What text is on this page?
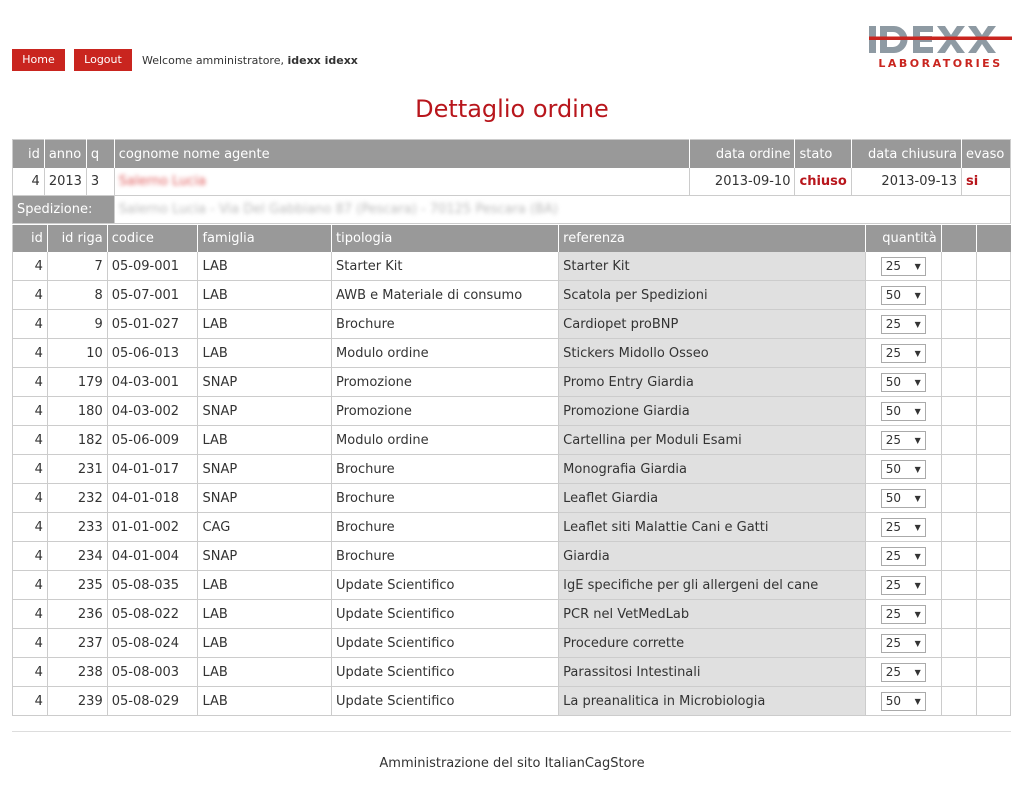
Home	Logout	Welcome amministratore, idexx idexx	LABORATORIES
Dettaglio ordine
id	anno	q	cognome nome agente	data ordine	stato	data chiusura	evaso
4	2013	3	Salerno Lucia	2013-09-10	chiuso	2013-09-13	si
Spedizione:			Salerno Lucia - Via Del Gabbiano 87 (Pescara) - 70125 Pescara (BA)				
id	id riga	codice	famiglia	tipologia	referenza	quantità		
4	7	05-09-001	LAB	Starter Kit	Starter Kit	25 ▼		

4	8	05-07-001	LAB	AWB e Materiale di consumo	Scatola per Spedizioni	50 ▼		

4	9	05-01-027	LAB	Brochure	Cardiopet proBNP	25 ▼		

4	10	05-06-013	LAB	Modulo ordine	Stickers Midollo Osseo	25 ▼		

4	179	04-03-001	SNAP	Promozione	Promo Entry Giardia	50 ▼		

4	180	04-03-002	SNAP	Promozione	Promozione Giardia	50 ▼		

4	182	05-06-009	LAB	Modulo ordine	Cartellina per Moduli Esami	25 ▼		

4	231	04-01-017	SNAP	Brochure	Monografia Giardia	50 ▼		

4	232	04-01-018	SNAP	Brochure	Leaflet Giardia	50 ▼		

4	233	01-01-002	CAG	Brochure	Leaflet siti Malattie Cani e Gatti	25 ▼		

4	234	04-01-004	SNAP	Brochure	Giardia	25 ▼		

4	235	05-08-035	LAB	Update Scientifico	IgE specifiche per gli allergeni del cane	25 ▼		

4	236	05-08-022	LAB	Update Scientifico	PCR nel VetMedLab	25 ▼		

4	237	05-08-024	LAB	Update Scientifico	Procedure corrette	25 ▼		

4	238	05-08-003	LAB	Update Scientifico	Parassitosi Intestinali	25 ▼		

4	239	05-08-029	LAB	Update Scientifico	La preanalitica in Microbiologia	50 ▼		

Amministrazione del sito ItalianCagStore
